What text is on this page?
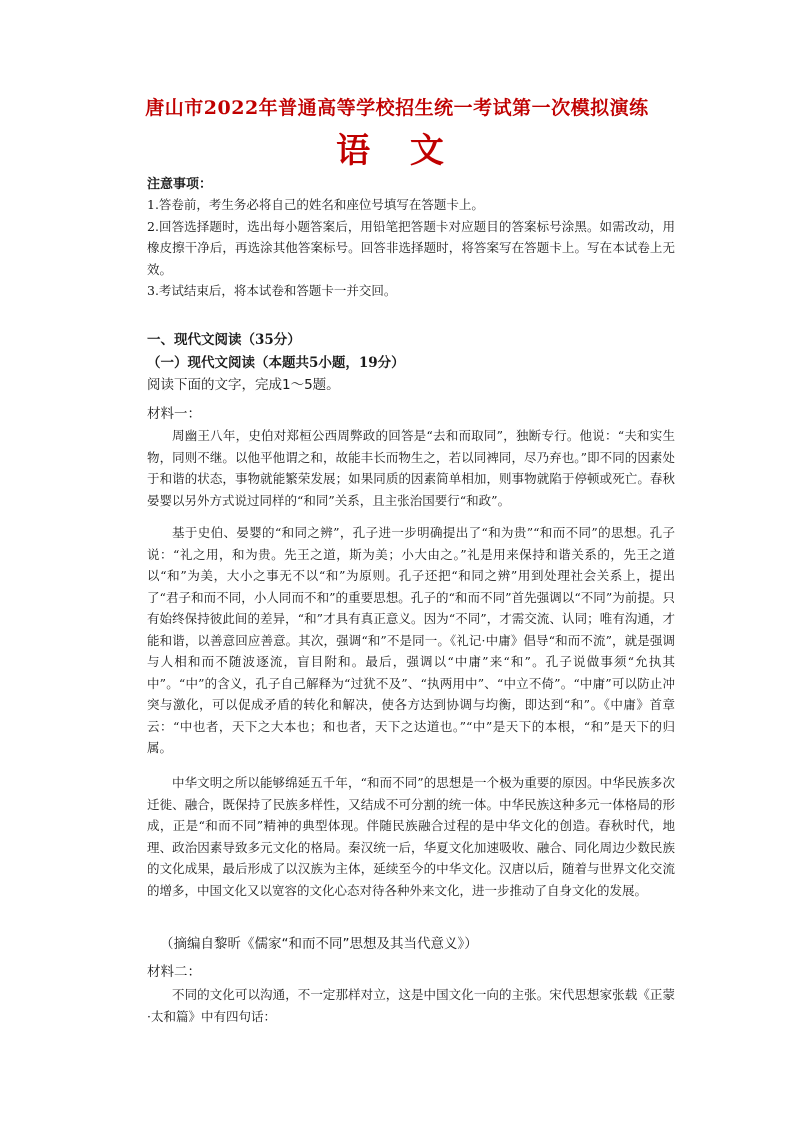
唐山市2022年普通高等学校招生统一考试第一次模拟演练
语 文
注意事项：

1.答卷前，考生务必将自己的姓名和座位号填写在答题卡上。

2.回答选择题时，选出每小题答案后，用铅笔把答题卡对应题目的答案标号涂黑。如需改动，用橡皮擦干净后，再选涂其他答案标号。回答非选择题时，将答案写在答题卡上。写在本试卷上无效。

3.考试结束后，将本试卷和答题卡一并交回。

一、现代文阅读（35分）
（一）现代文阅读（本题共5小题，19分）
阅读下面的文字，完成1～5题。
材料一：

周幽王八年，史伯对郑桓公西周弊政的回答是“去和而取同”，独断专行。他说：“夫和实生物，同则不继。以他平他谓之和，故能丰长而物生之，若以同裨同，尽乃弃也。”即不同的因素处于和谐的状态，事物就能繁荣发展；如果同质的因素简单相加，则事物就陷于停顿或死亡。春秋晏婴以另外方式说过同样的“和同”关系，且主张治国要行“和政”。

基于史伯、晏婴的“和同之辨”，孔子进一步明确提出了“和为贵”“和而不同”的思想。孔子说：“礼之用，和为贵。先王之道，斯为美；小大由之。”礼是用来保持和谐关系的，先王之道以“和”为美，大小之事无不以“和”为原则。孔子还把“和同之辨”用到处理社会关系上，提出了“君子和而不同，小人同而不和”的重要思想。孔子的“和而不同”首先强调以“不同”为前提。只有始终保持彼此间的差异，“和”才具有真正意义。因为“不同”，才需交流、认同；唯有沟通，才能和谐，以善意回应善意。其次，强调“和”不是同一。《礼记·中庸》倡导“和而不流”，就是强调与人相和而不随波逐流，盲目附和。最后，强调以“中庸”来“和”。孔子说做事须“允执其中”。“中”的含义，孔子自己解释为“过犹不及”、“执两用中”、“中立不倚”。“中庸”可以防止冲突与激化，可以促成矛盾的转化和解决，使各方达到协调与均衡，即达到“和”。《中庸》首章云：“中也者，天下之大本也；和也者，天下之达道也。”“中”是天下的本根，“和”是天下的归属。

中华文明之所以能够绵延五千年，“和而不同”的思想是一个极为重要的原因。中华民族多次迁徙、融合，既保持了民族多样性，又结成不可分割的统一体。中华民族这种多元一体格局的形成，正是“和而不同”精神的典型体现。伴随民族融合过程的是中华文化的创造。春秋时代，地理、政治因素导致多元文化的格局。秦汉统一后，华夏文化加速吸收、融合、同化周边少数民族的文化成果，最后形成了以汉族为主体，延续至今的中华文化。汉唐以后，随着与世界文化交流的增多，中国文化又以宽容的文化心态对待各种外来文化，进一步推动了自身文化的发展。

（摘编自黎昕《儒家“和而不同”思想及其当代意义》）
材料二：

不同的文化可以沟通，不一定那样对立，这是中国文化一向的主张。宋代思想家张载《正蒙·太和篇》中有四句话：
